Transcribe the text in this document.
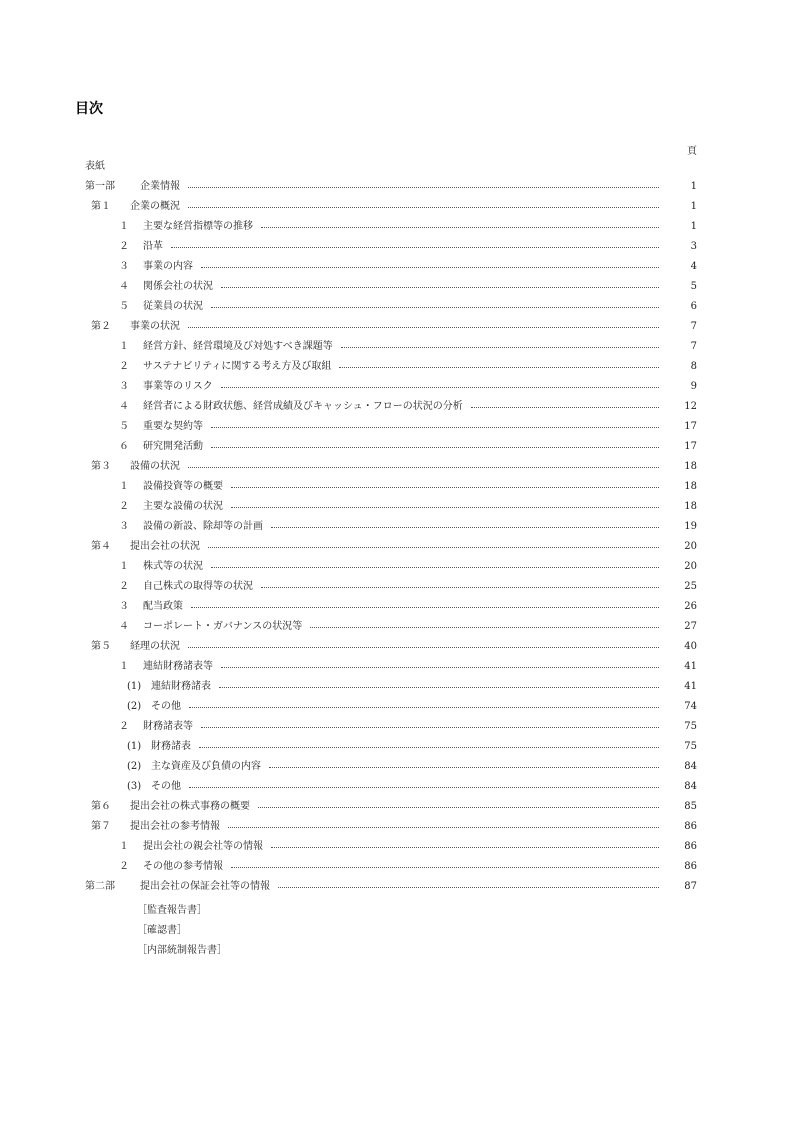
目次
頁
表紙
第一部	企業情報	1
第１	企業の概況	1
１	主要な経営指標等の推移	1
２	沿革	3
３	事業の内容	4
４	関係会社の状況	5
５	従業員の状況	6
第２	事業の状況	7
１	経営方針、経営環境及び対処すべき課題等	7
２	サステナビリティに関する考え方及び取組	8
３	事業等のリスク	9
４	経営者による財政状態、経営成績及びキャッシュ・フローの状況の分析	12
５	重要な契約等	17
６	研究開発活動	17
第３	設備の状況	18
１	設備投資等の概要	18
２	主要な設備の状況	18
３	設備の新設、除却等の計画	19
第４	提出会社の状況	20
１	株式等の状況	20
２	自己株式の取得等の状況	25
３	配当政策	26
４	コーポレート・ガバナンスの状況等	27
第５	経理の状況	40
１	連結財務諸表等	41
(1) 連結財務諸表	41
(2) その他	74
２	財務諸表等	75
(1) 財務諸表	75
(2) 主な資産及び負債の内容	84
(3) その他	84
第６	提出会社の株式事務の概要	85
第７	提出会社の参考情報	86
１	提出会社の親会社等の情報	86
２	その他の参考情報	86
第二部	提出会社の保証会社等の情報	87
［監査報告書］
［確認書］
［内部統制報告書］
